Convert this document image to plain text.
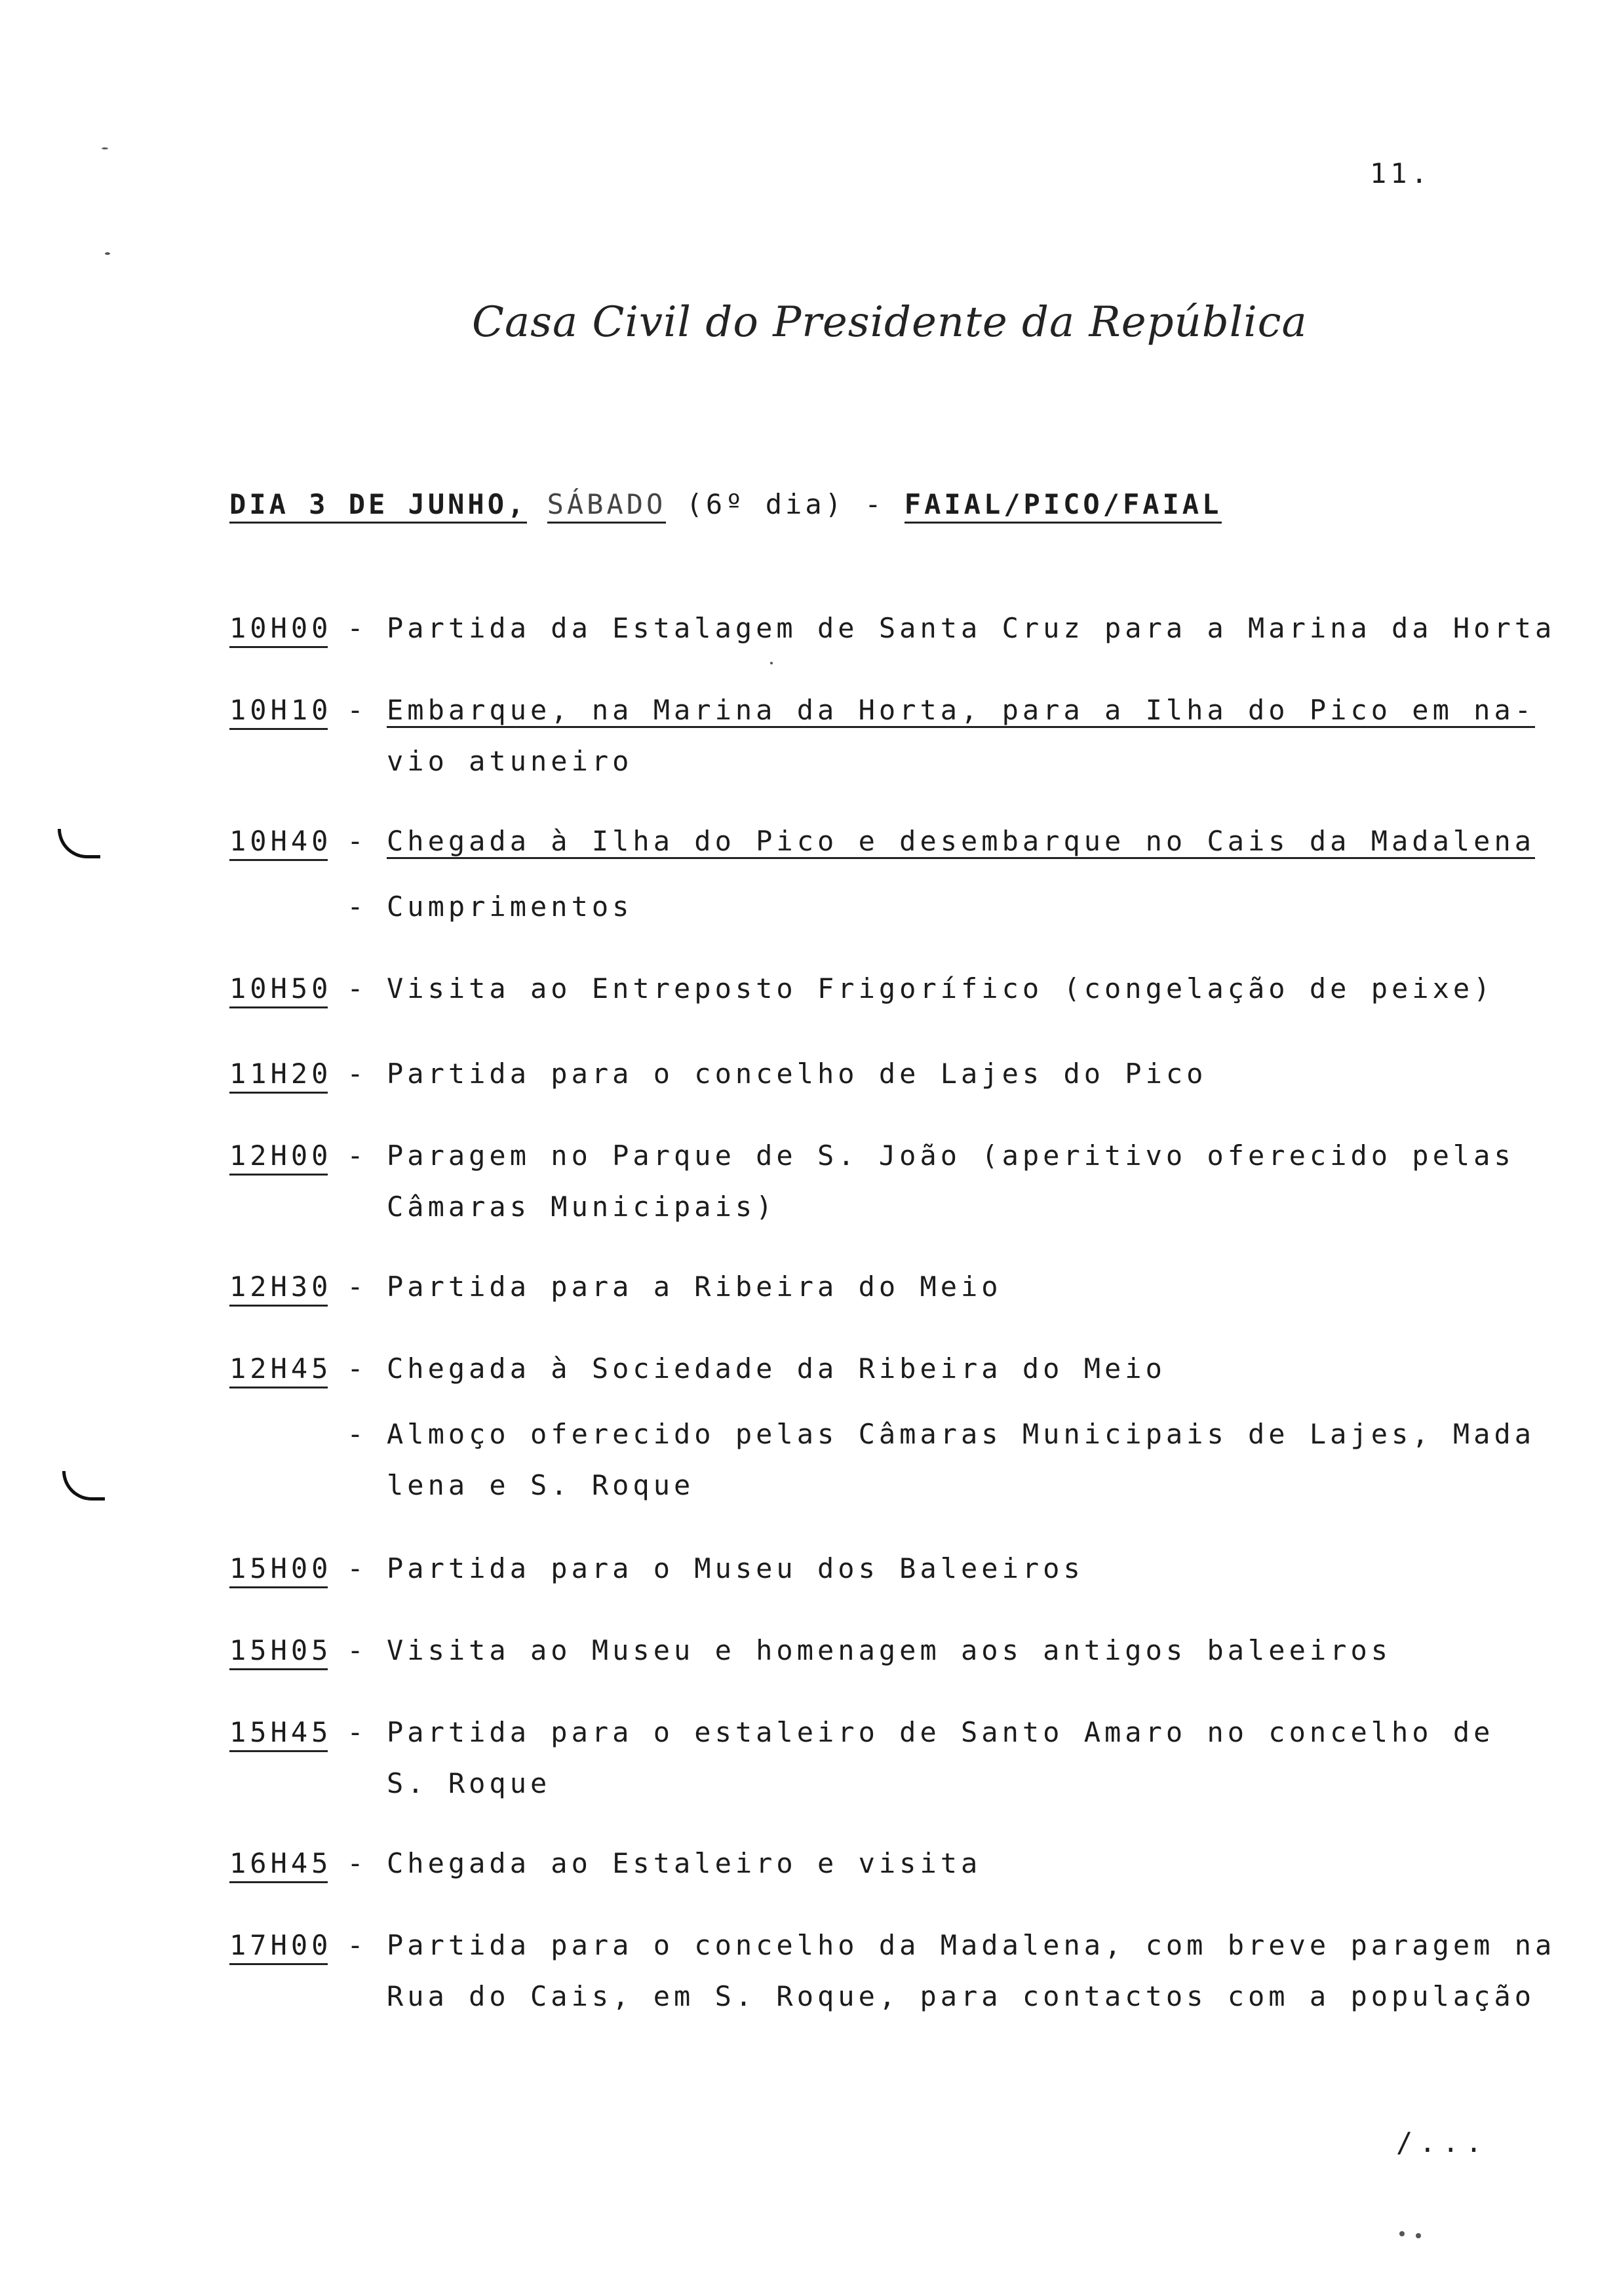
11.
Casa Civil do Presidente da República
DIA 3 DE JUNHO, SÁBADO (6º dia) - FAIAL/PICO/FAIAL
10H00 - Partida da Estalagem de Santa Cruz para a Marina da Horta
10H10 - Embarque, na Marina da Horta, para a Ilha do Pico em na-
vio atuneiro
10H40 - Chegada à Ilha do Pico e desembarque no Cais da Madalena
- Cumprimentos
10H50 - Visita ao Entreposto Frigorífico (congelação de peixe)
11H20 - Partida para o concelho de Lajes do Pico
12H00 - Paragem no Parque de S. João (aperitivo oferecido pelas
Câmaras Municipais)
12H30 - Partida para a Ribeira do Meio
12H45 - Chegada à Sociedade da Ribeira do Meio
- Almoço oferecido pelas Câmaras Municipais de Lajes, Mada
lena e S. Roque
15H00 - Partida para o Museu dos Baleeiros
15H05 - Visita ao Museu e homenagem aos antigos baleeiros
15H45 - Partida para o estaleiro de Santo Amaro no concelho de
S. Roque
16H45 - Chegada ao Estaleiro e visita
17H00 - Partida para o concelho da Madalena, com breve paragem na
Rua do Cais, em S. Roque, para contactos com a população
/...
